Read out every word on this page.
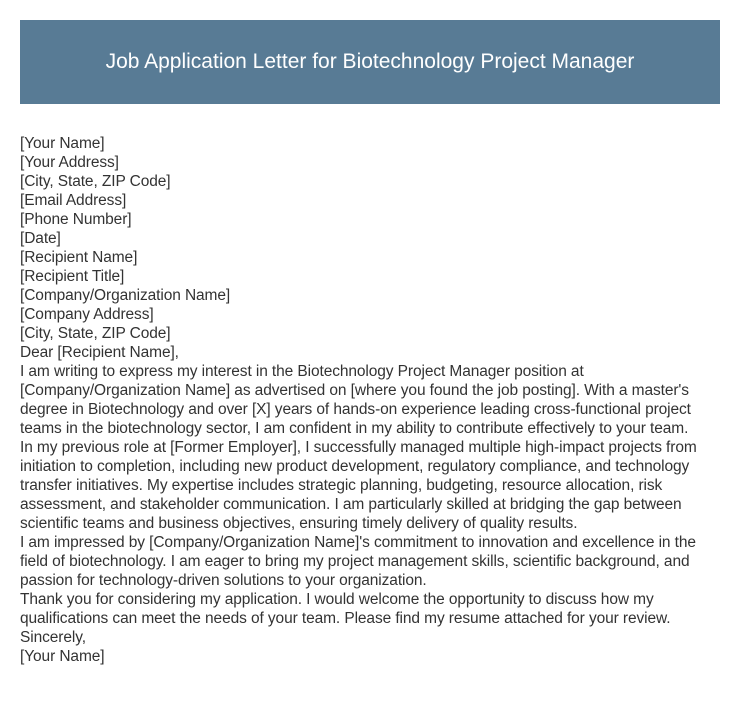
Job Application Letter for Biotechnology Project Manager

[Your Name]

[Your Address]

[City, State, ZIP Code]

[Email Address]

[Phone Number]

[Date]

[Recipient Name]

[Recipient Title]

[Company/Organization Name]

[Company Address]

[City, State, ZIP Code]

Dear [Recipient Name],

I am writing to express my interest in the Biotechnology Project Manager position at [Company/Organization Name] as advertised on [where you found the job posting]. With a master's degree in Biotechnology and over [X] years of hands-on experience leading cross-functional project teams in the biotechnology sector, I am confident in my ability to contribute effectively to your team.

In my previous role at [Former Employer], I successfully managed multiple high-impact projects from initiation to completion, including new product development, regulatory compliance, and technology transfer initiatives. My expertise includes strategic planning, budgeting, resource allocation, risk assessment, and stakeholder communication. I am particularly skilled at bridging the gap between scientific teams and business objectives, ensuring timely delivery of quality results.

I am impressed by [Company/Organization Name]'s commitment to innovation and excellence in the field of biotechnology. I am eager to bring my project management skills, scientific background, and passion for technology-driven solutions to your organization.

Thank you for considering my application. I would welcome the opportunity to discuss how my qualifications can meet the needs of your team. Please find my resume attached for your review.

Sincerely,

[Your Name]
